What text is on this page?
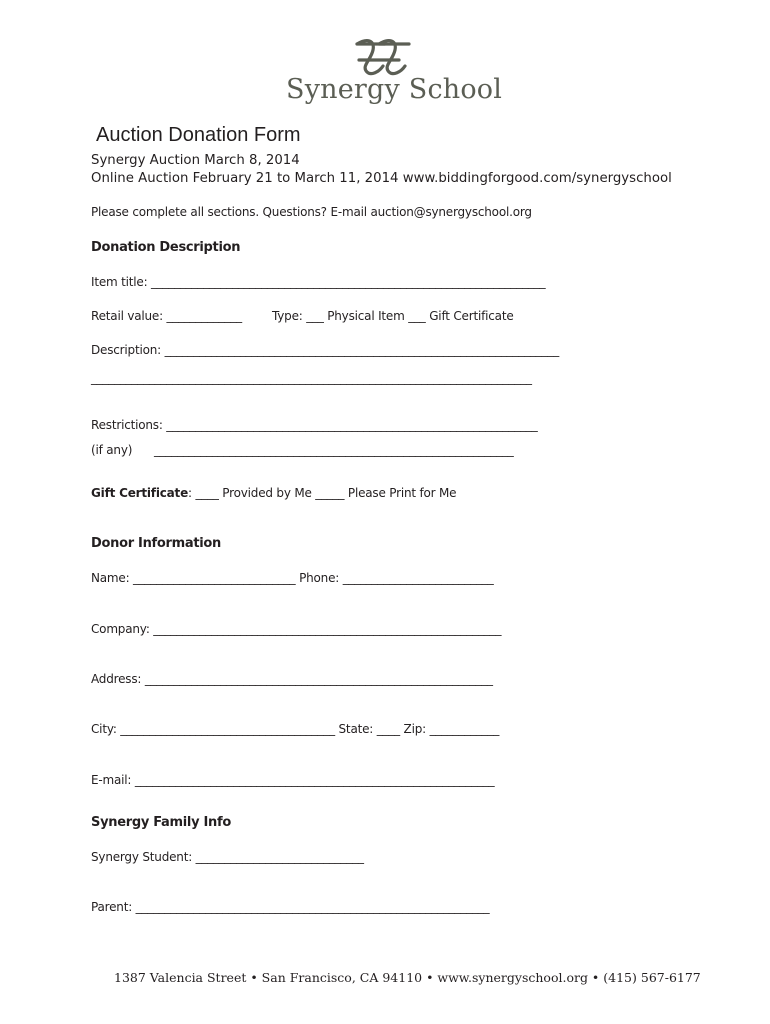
Synergy School
Auction Donation Form
Synergy Auction March 8, 2014
Online Auction February 21 to March 11, 2014 www.biddingforgood.com/synergyschool
Please complete all sections. Questions? E-mail auction@synergyschool.org
Donation Description
Item title: ____________________________________________________________________
Retail value: _____________	Type: ___ Physical Item ___ Gift Certificate
Description: ____________________________________________________________________
____________________________________________________________________________
Restrictions: ________________________________________________________________
(if any) ______________________________________________________________
Gift Certificate: ____ Provided by Me _____ Please Print for Me
Donor Information
Name: ____________________________ Phone: __________________________
Company: ____________________________________________________________
Address: ____________________________________________________________
City: _____________________________________ State: ____ Zip: ____________
E-mail: ______________________________________________________________
Synergy Family Info
Synergy Student: _____________________________
Parent: _____________________________________________________________
1387 Valencia Street • San Francisco, CA 94110 • www.synergyschool.org • (415) 567-6177
